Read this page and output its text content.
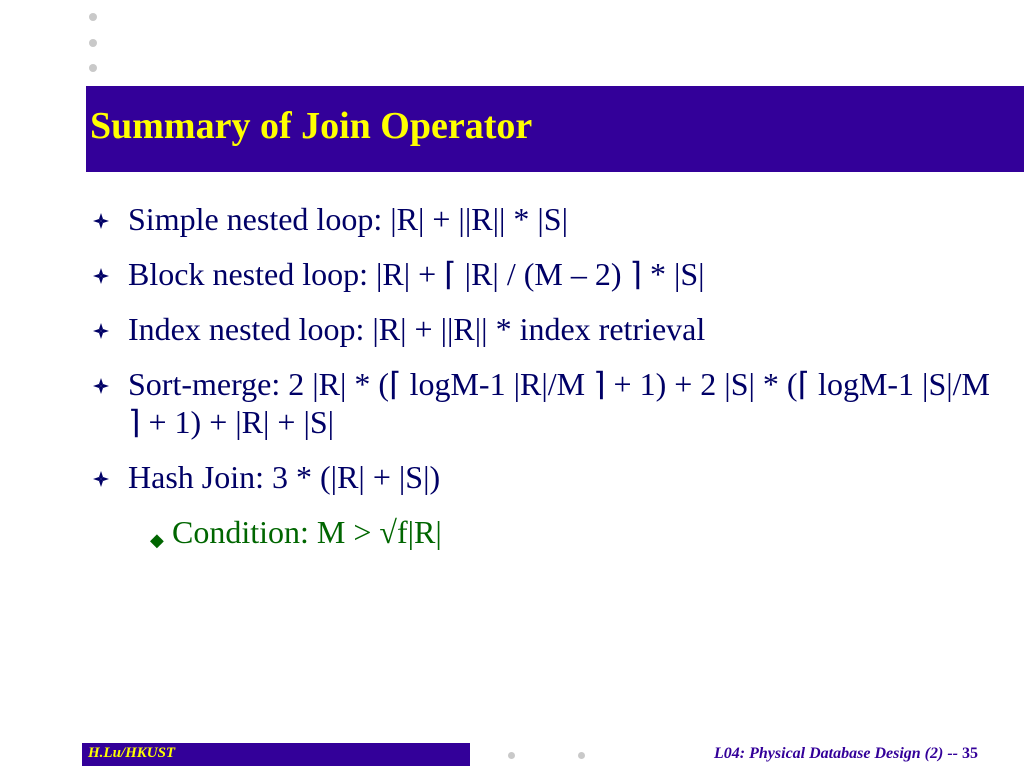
Summary of Join Operator
Simple nested loop: |R| + ||R|| * |S|
Block nested loop: |R| + ⌈ |R| / (M – 2) ⌉ * |S|
Index nested loop: |R| + ||R|| * index retrieval
Sort-merge: 2 |R| * (⌈ logM-1 |R|/M ⌉ + 1) + 2 |S| * (⌈ logM-1 |S|/M ⌉ + 1) + |R| + |S|
Hash Join: 3 * (|R| + |S|)
◆ Condition: M > √f|R|
H.Lu/HKUST	L04: Physical Database Design (2) -- 35
